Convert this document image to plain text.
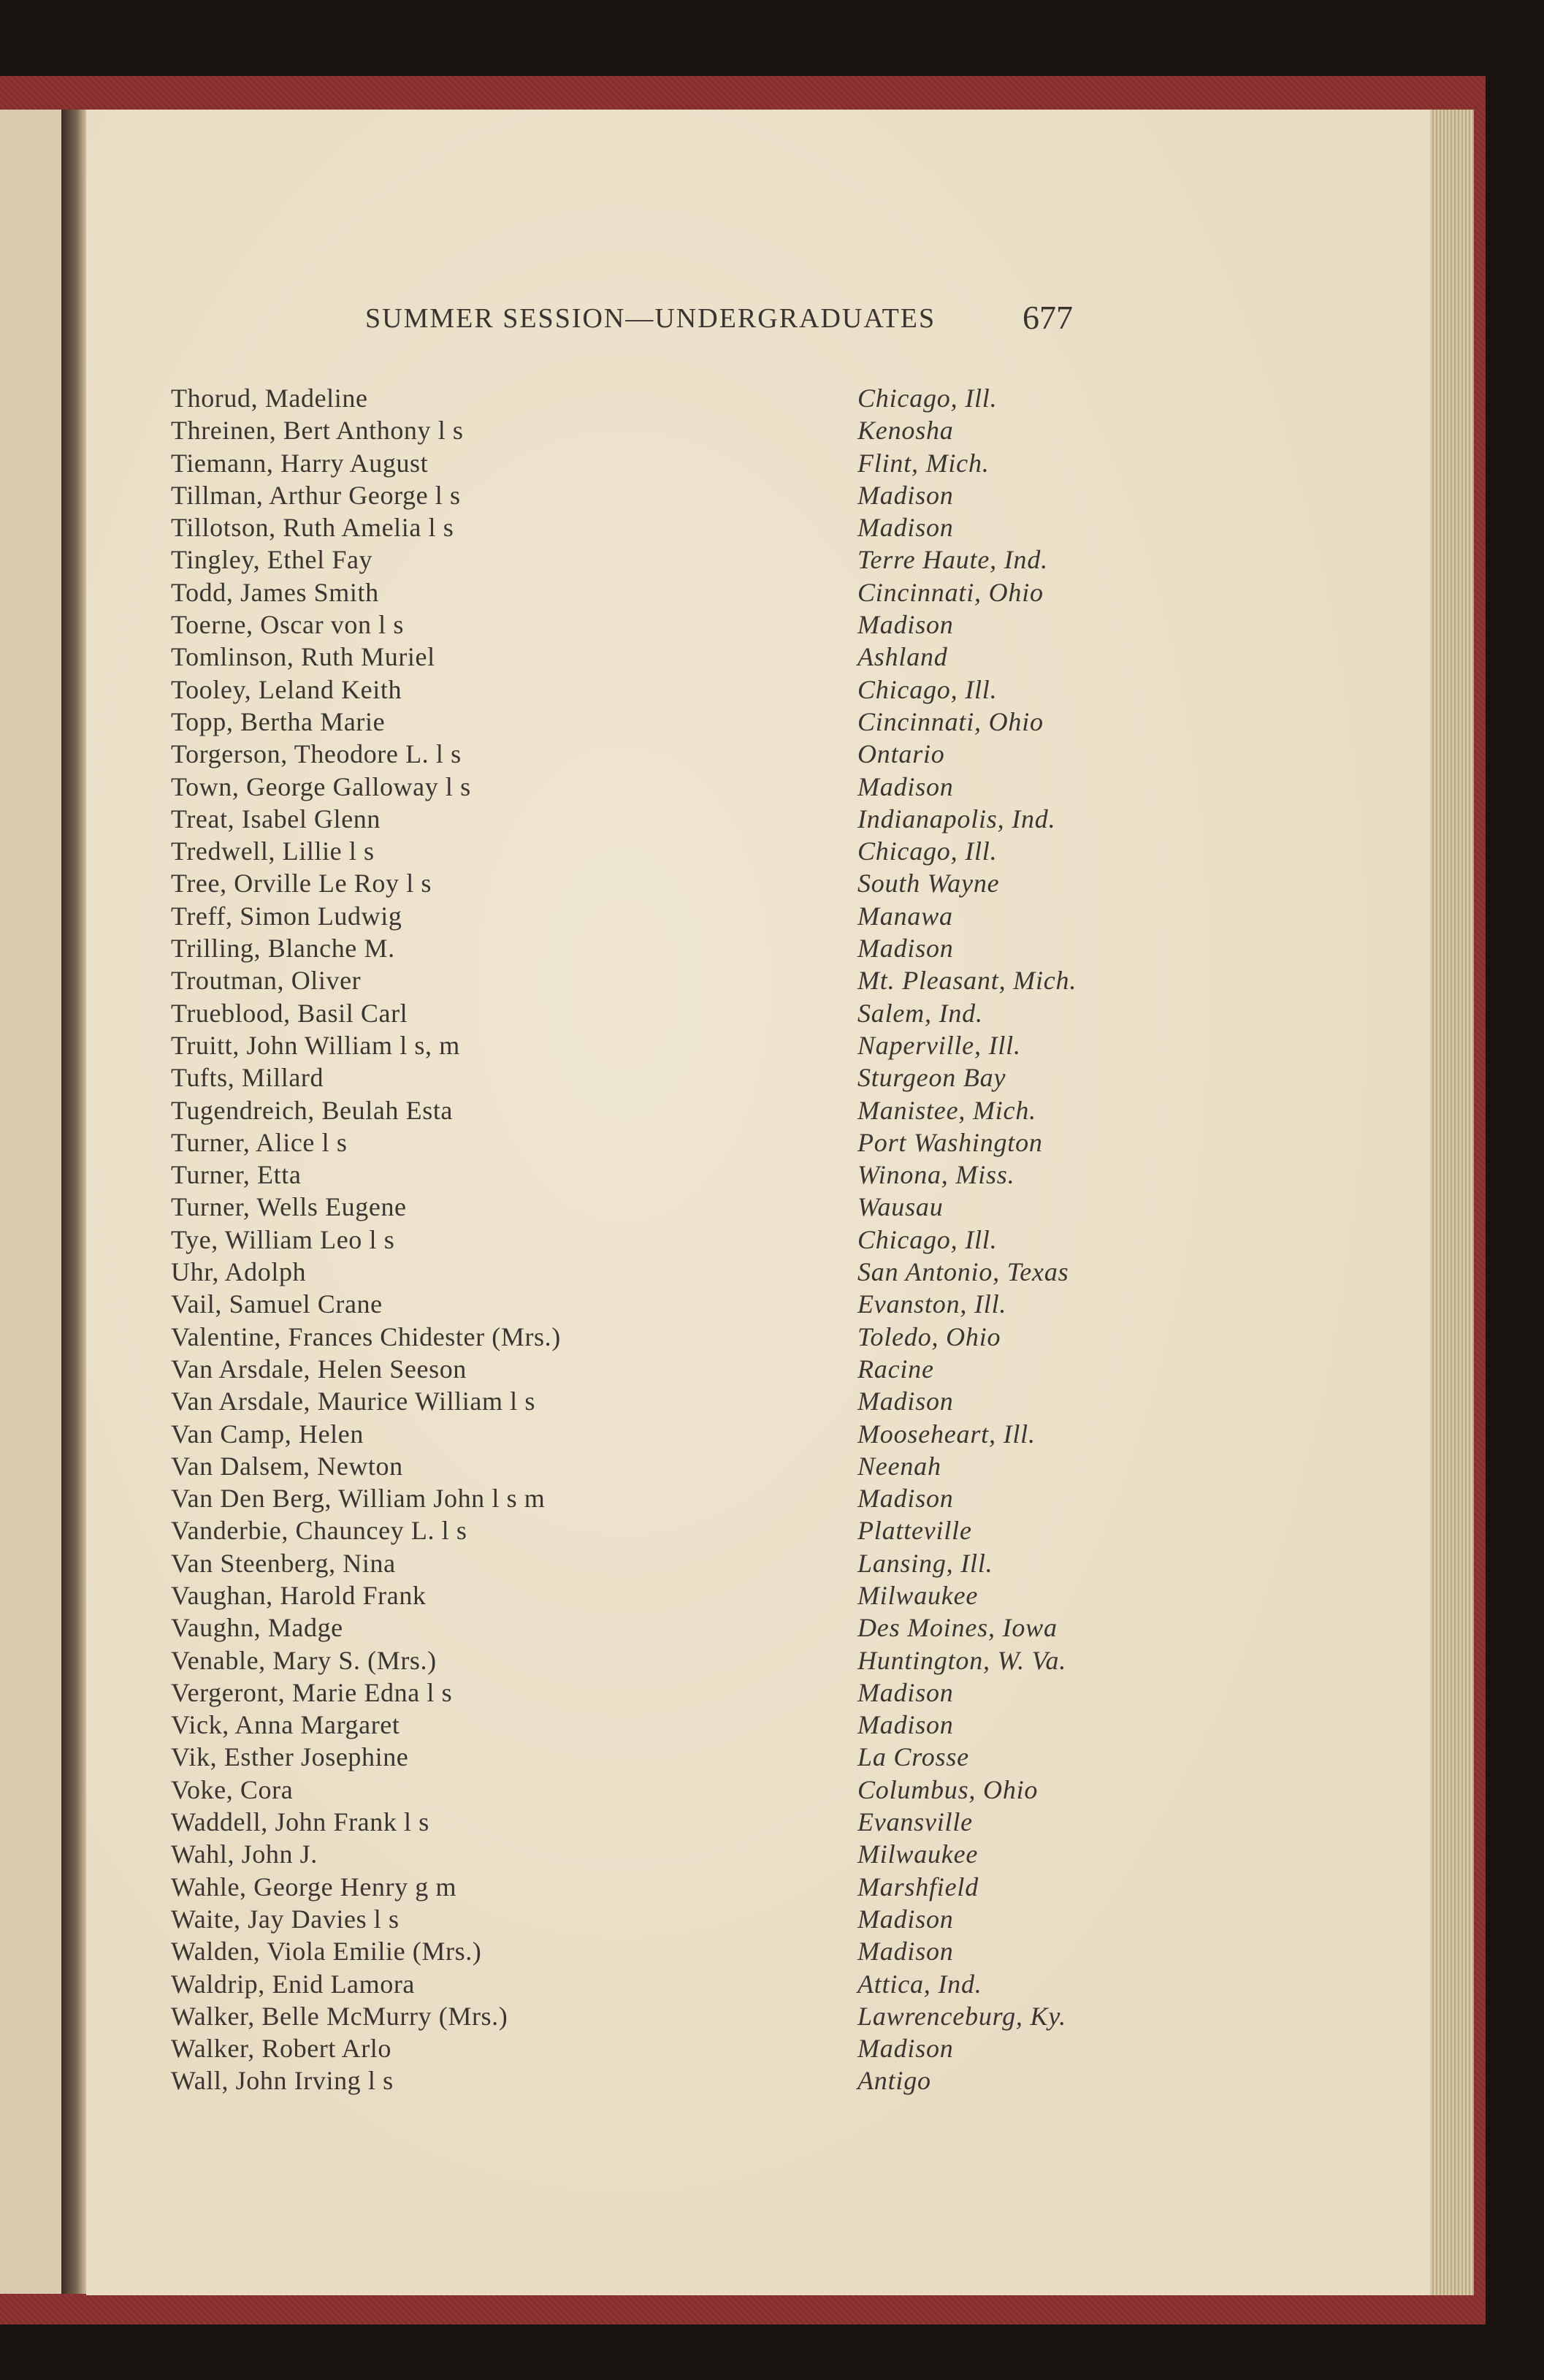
SUMMER SESSION—UNDERGRADUATES	677
Thorud, Madeline	Chicago, Ill.
Threinen, Bert Anthony l s	Kenosha
Tiemann, Harry August	Flint, Mich.
Tillman, Arthur George l s	Madison
Tillotson, Ruth Amelia l s	Madison
Tingley, Ethel Fay	Terre Haute, Ind.
Todd, James Smith	Cincinnati, Ohio
Toerne, Oscar von l s	Madison
Tomlinson, Ruth Muriel	Ashland
Tooley, Leland Keith	Chicago, Ill.
Topp, Bertha Marie	Cincinnati, Ohio
Torgerson, Theodore L. l s	Ontario
Town, George Galloway l s	Madison
Treat, Isabel Glenn	Indianapolis, Ind.
Tredwell, Lillie l s	Chicago, Ill.
Tree, Orville Le Roy l s	South Wayne
Treff, Simon Ludwig	Manawa
Trilling, Blanche M.	Madison
Troutman, Oliver	Mt. Pleasant, Mich.
Trueblood, Basil Carl	Salem, Ind.
Truitt, John William l s, m	Naperville, Ill.
Tufts, Millard	Sturgeon Bay
Tugendreich, Beulah Esta	Manistee, Mich.
Turner, Alice l s	Port Washington
Turner, Etta	Winona, Miss.
Turner, Wells Eugene	Wausau
Tye, William Leo l s	Chicago, Ill.
Uhr, Adolph	San Antonio, Texas
Vail, Samuel Crane	Evanston, Ill.
Valentine, Frances Chidester (Mrs.)	Toledo, Ohio
Van Arsdale, Helen Seeson	Racine
Van Arsdale, Maurice William l s	Madison
Van Camp, Helen	Mooseheart, Ill.
Van Dalsem, Newton	Neenah
Van Den Berg, William John l s m	Madison
Vanderbie, Chauncey L. l s	Platteville
Van Steenberg, Nina	Lansing, Ill.
Vaughan, Harold Frank	Milwaukee
Vaughn, Madge	Des Moines, Iowa
Venable, Mary S. (Mrs.)	Huntington, W. Va.
Vergeront, Marie Edna l s	Madison
Vick, Anna Margaret	Madison
Vik, Esther Josephine	La Crosse
Voke, Cora	Columbus, Ohio
Waddell, John Frank l s	Evansville
Wahl, John J.	Milwaukee
Wahle, George Henry g m	Marshfield
Waite, Jay Davies l s	Madison
Walden, Viola Emilie (Mrs.)	Madison
Waldrip, Enid Lamora	Attica, Ind.
Walker, Belle McMurry (Mrs.)	Lawrenceburg, Ky.
Walker, Robert Arlo	Madison
Wall, John Irving l s	Antigo
